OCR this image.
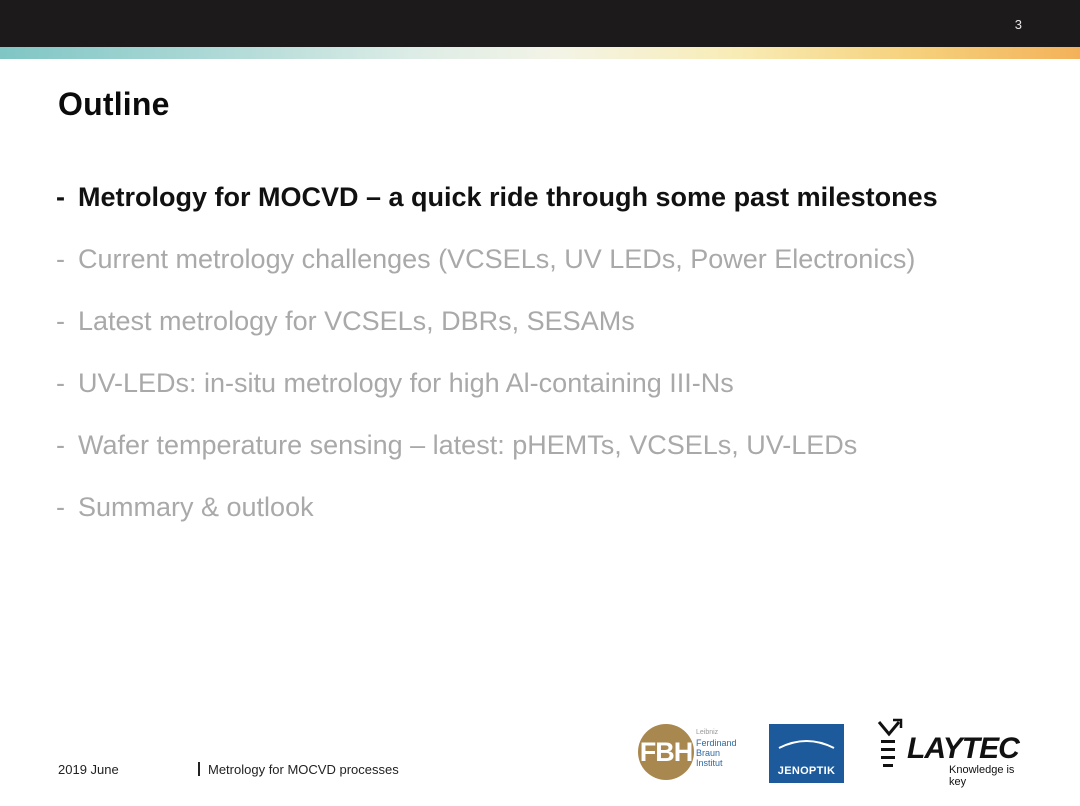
3
Outline
- Metrology for MOCVD – a quick ride through some past milestones
- Current metrology challenges (VCSELs, UV LEDs, Power Electronics)
- Latest metrology for VCSELs, DBRs, SESAMs
- UV-LEDs: in-situ metrology for high Al-containing III-Ns
- Wafer temperature sensing – latest: pHEMTs, VCSELs, UV-LEDs
- Summary & outlook
2019 June	Metrology for MOCVD processes
FBH
Leibniz
Ferdinand
Braun
Institut
JENOPTIK
LAYTEC
Knowledge is key
